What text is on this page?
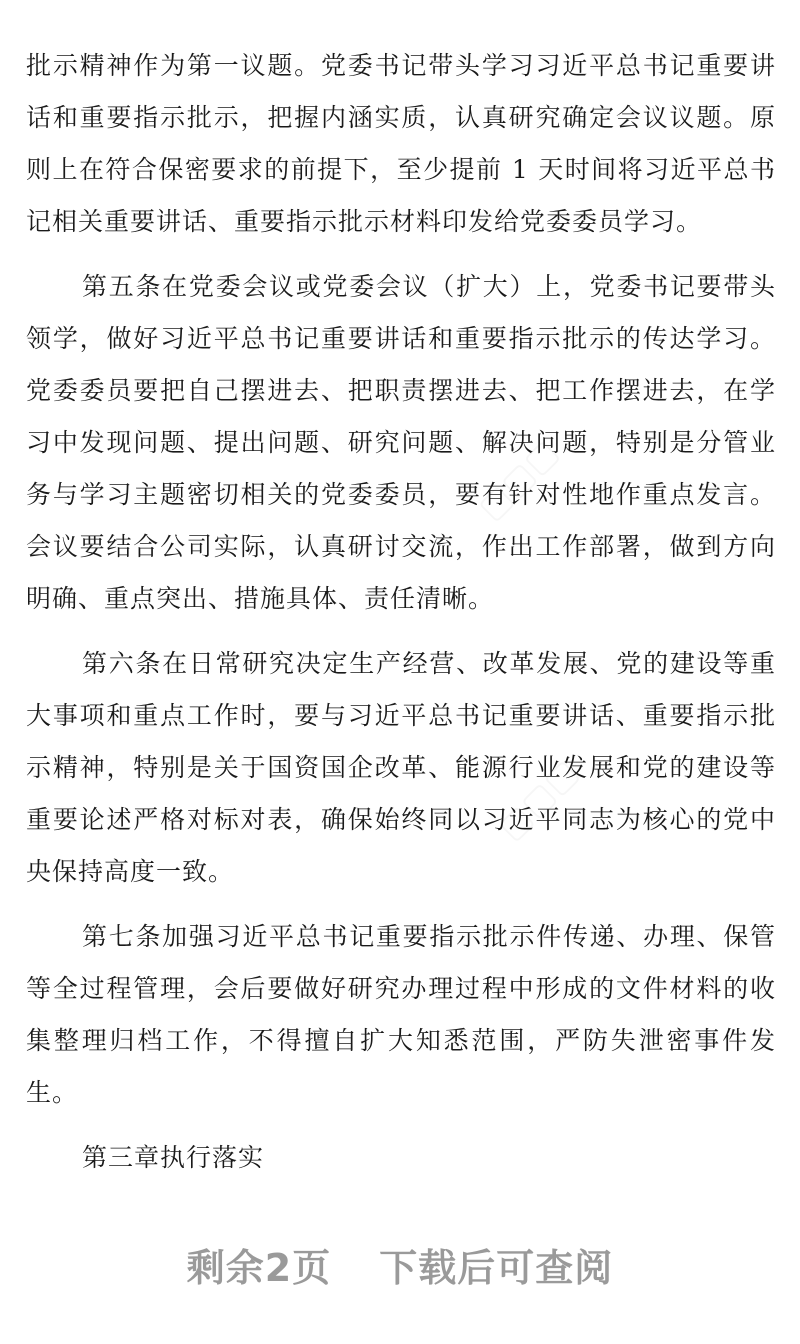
批示精神作为第一议题。党委书记带头学习习近平总书记重要讲话和重要指示批示，把握内涵实质，认真研究确定会议议题。原则上在符合保密要求的前提下，至少提前 1 天时间将习近平总书记相关重要讲话、重要指示批示材料印发给党委委员学习。

第五条在党委会议或党委会议（扩大）上，党委书记要带头领学，做好习近平总书记重要讲话和重要指示批示的传达学习。党委委员要把自己摆进去、把职责摆进去、把工作摆进去，在学习中发现问题、提出问题、研究问题、解决问题，特别是分管业务与学习主题密切相关的党委委员，要有针对性地作重点发言。会议要结合公司实际，认真研讨交流，作出工作部署，做到方向明确、重点突出、措施具体、责任清晰。

第六条在日常研究决定生产经营、改革发展、党的建设等重大事项和重点工作时，要与习近平总书记重要讲话、重要指示批示精神，特别是关于国资国企改革、能源行业发展和党的建设等重要论述严格对标对表，确保始终同以习近平同志为核心的党中央保持高度一致。

第七条加强习近平总书记重要指示批示件传递、办理、保管等全过程管理，会后要做好研究办理过程中形成的文件材料的收集整理归档工作，不得擅自扩大知悉范围，严防失泄密事件发生。

第三章执行落实

剩余2页 下载后可查阅
